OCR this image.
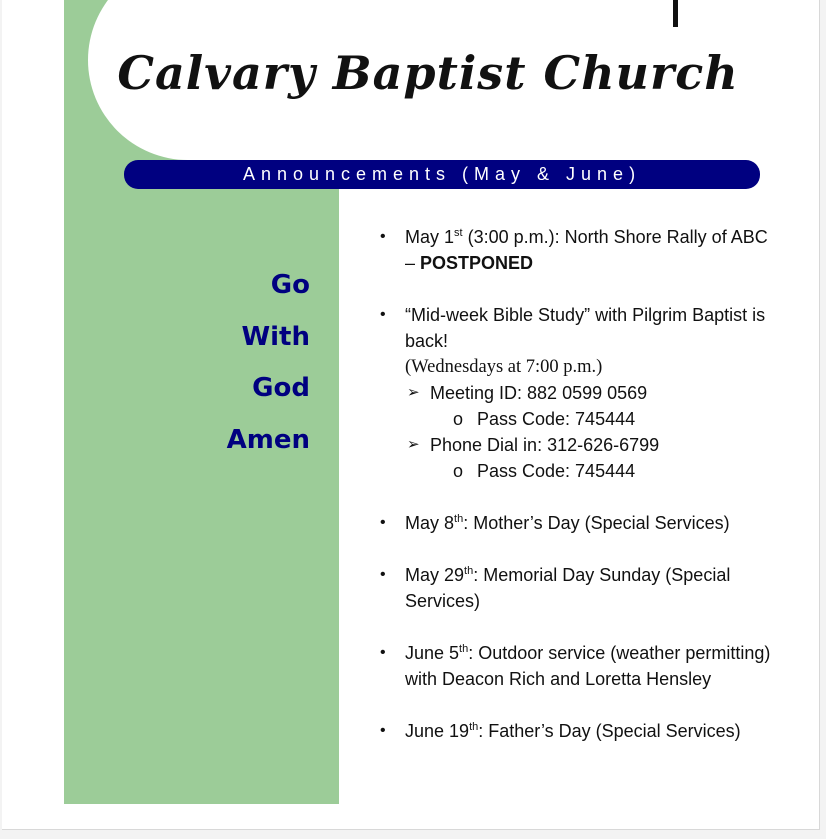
Calvary Baptist Church
Announcements (May & June)
Go
With
God
Amen
• May 1st (3:00 p.m.): North Shore Rally of ABC – POSTPONED
• “Mid-week Bible Study” with Pilgrim Baptist is back!
(Wednesdays at 7:00 p.m.)
➢ Meeting ID: 882 0599 0569
o Pass Code: 745444
➢ Phone Dial in: 312-626-6799
o Pass Code: 745444
• May 8th: Mother’s Day (Special Services)
• May 29th: Memorial Day Sunday (Special Services)
• June 5th: Outdoor service (weather permitting) with Deacon Rich and Loretta Hensley
• June 19th: Father’s Day (Special Services)
